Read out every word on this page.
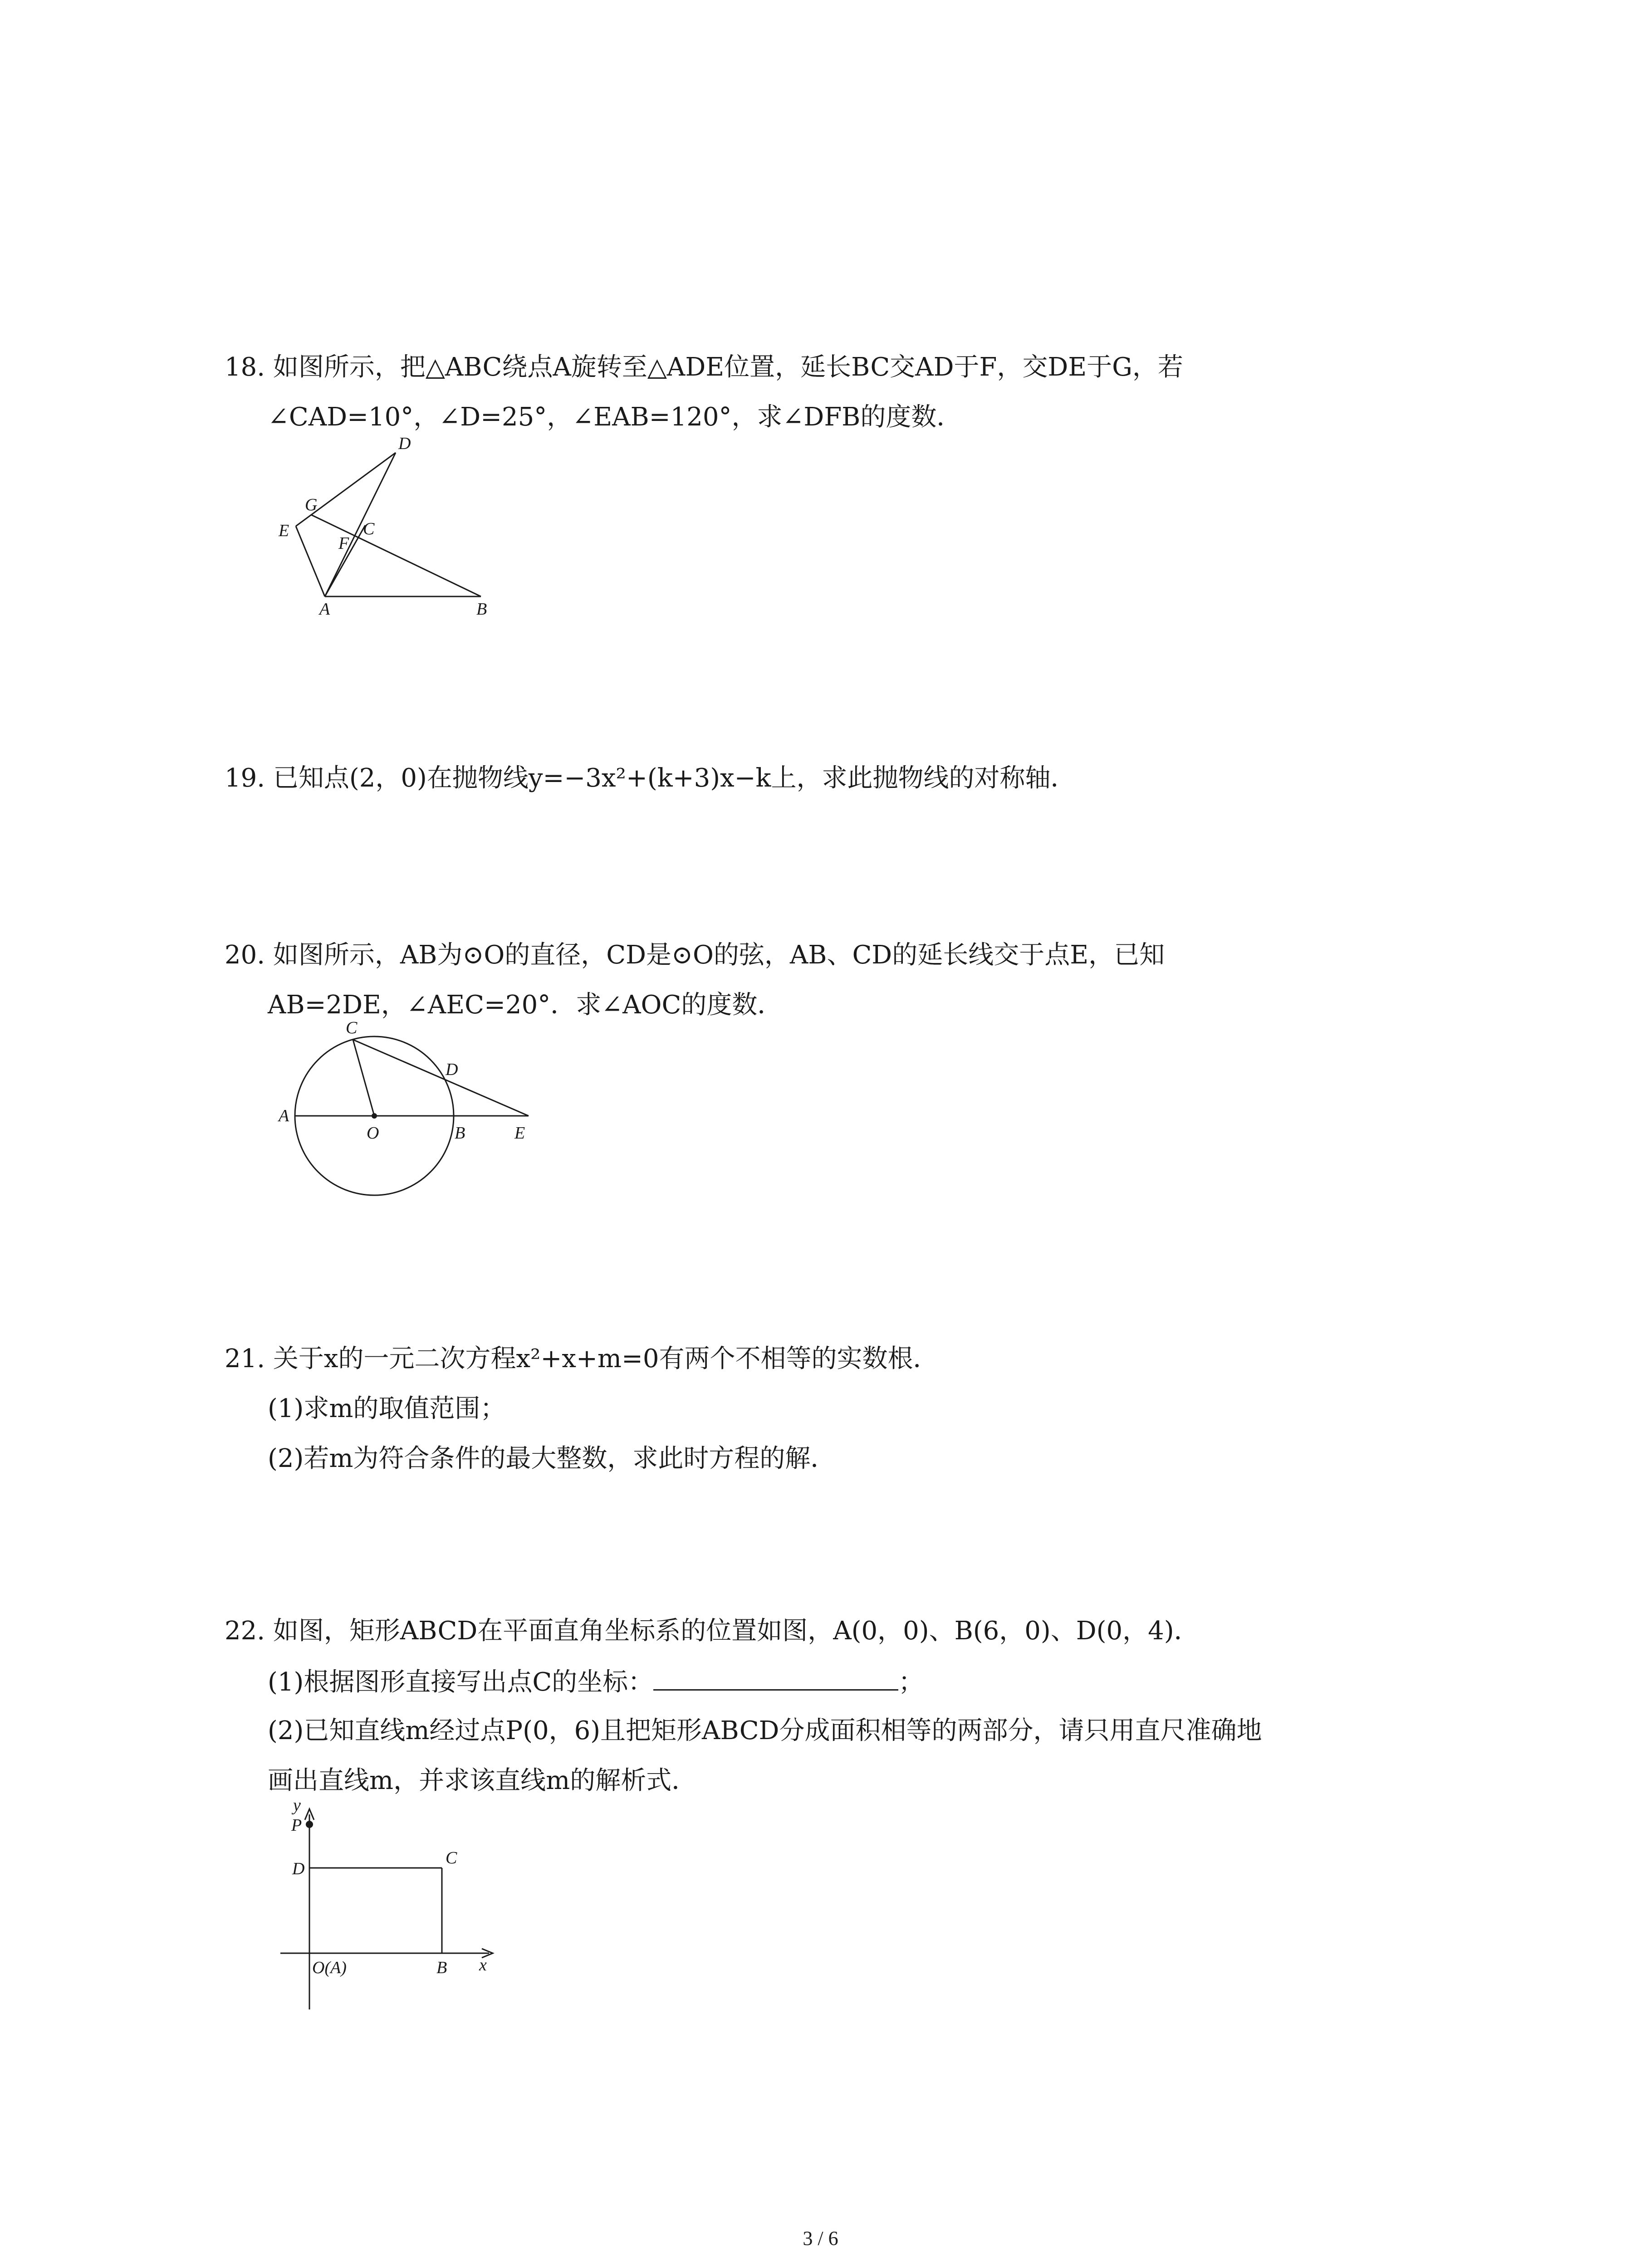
18. 如图所示，把△ABC绕点A旋转至△ADE位置，延长BC交AD于F，交DE于G，若
∠CAD=10°，∠D=25°，∠EAB=120°，求∠DFB的度数．
D
G
C
E
F
A	B
19. 已知点(2，0)在抛物线y=−3x²+(k+3)x−k上，求此抛物线的对称轴．
20. 如图所示，AB为⊙O的直径，CD是⊙O的弦，AB、CD的延长线交于点E，已知
AB=2DE，∠AEC=20°．求∠AOC的度数．
C
D
A
O	B	E
21. 关于x的一元二次方程x²+x+m=0有两个不相等的实数根．
(1)求m的取值范围；
(2)若m为符合条件的最大整数，求此时方程的解．
22. 如图，矩形ABCD在平面直角坐标系的位置如图，A(0，0)、B(6，0)、D(0，4)．
(1)根据图形直接写出点C的坐标：	；
(2)已知直线m经过点P(0，6)且把矩形ABCD分成面积相等的两部分，请只用直尺准确地
画出直线m，并求该直线m的解析式．
y
P
D
C
O(A)	B x
3 / 6
